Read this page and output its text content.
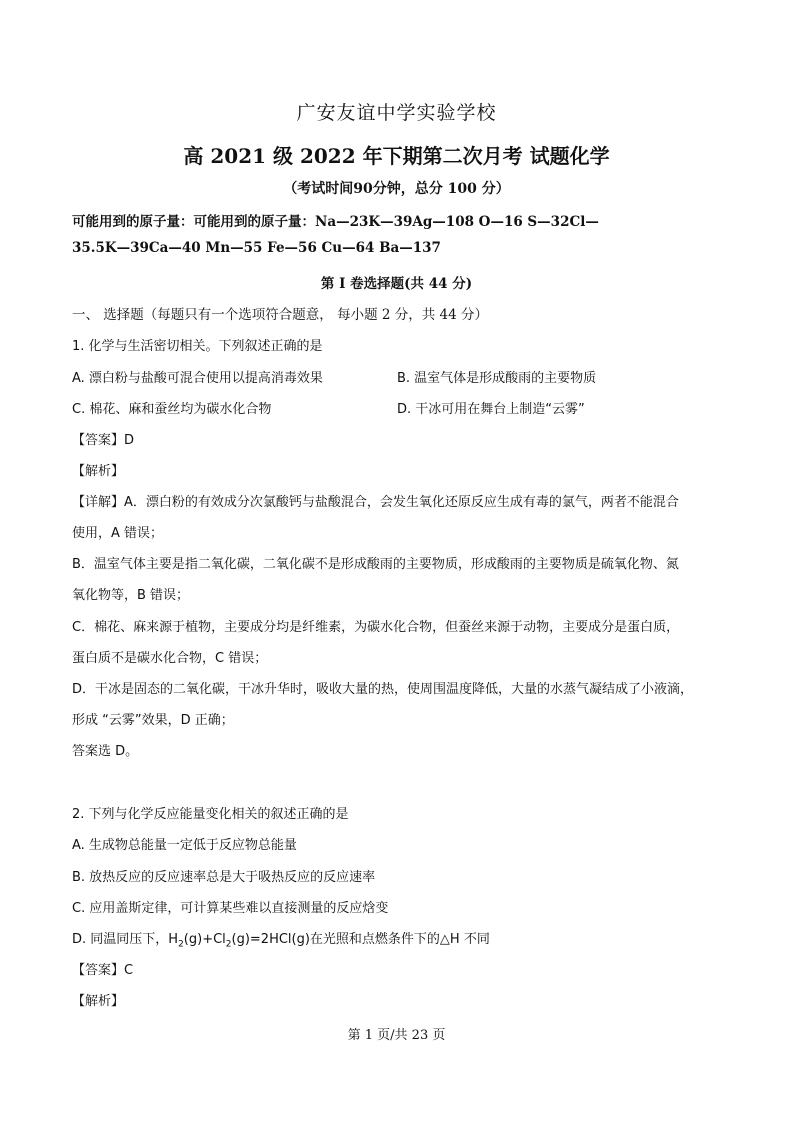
广安友谊中学实验学校
高 2021 级 2022 年下期第二次月考 试题化学
（考试时间90分钟，总分 100 分）
可能用到的原子量：可能用到的原子量：Na—23K—39Ag—108 O—16 S—32Cl—
35.5K—39Ca—40 Mn—55 Fe—56 Cu—64 Ba—137
第 I 卷选择题(共 44 分)
一、 选择题（每题只有一个选项符合题意， 每小题 2 分，共 44 分）
1. 化学与生活密切相关。下列叙述正确的是
A. 漂白粉与盐酸可混合使用以提高消毒效果	B. 温室气体是形成酸雨的主要物质
C. 棉花、麻和蚕丝均为碳水化合物	D. 干冰可用在舞台上制造“云雾”
【答案】D
【解析】
【详解】A．漂白粉的有效成分次氯酸钙与盐酸混合，会发生氧化还原反应生成有毒的氯气，两者不能混合
使用，A 错误；
B．温室气体主要是指二氧化碳，二氧化碳不是形成酸雨的主要物质，形成酸雨的主要物质是硫氧化物、氮
氧化物等，B 错误；
C．棉花、麻来源于植物，主要成分均是纤维素，为碳水化合物，但蚕丝来源于动物，主要成分是蛋白质，
蛋白质不是碳水化合物，C 错误；
D．干冰是固态的二氧化碳，干冰升华时，吸收大量的热，使周围温度降低，大量的水蒸气凝结成了小液滴，
形成 “云雾”效果，D 正确；
答案选 D。
2. 下列与化学反应能量变化相关的叙述正确的是
A. 生成物总能量一定低于反应物总能量
B. 放热反应的反应速率总是大于吸热反应的反应速率
C. 应用盖斯定律，可计算某些难以直接测量的反应焓变
D. 同温同压下，$H_2(g)+Cl_2(g)=2HCl(g)$在光照和点燃条件下的△H 不同
【答案】C
【解析】
第 1 页/共 23 页
